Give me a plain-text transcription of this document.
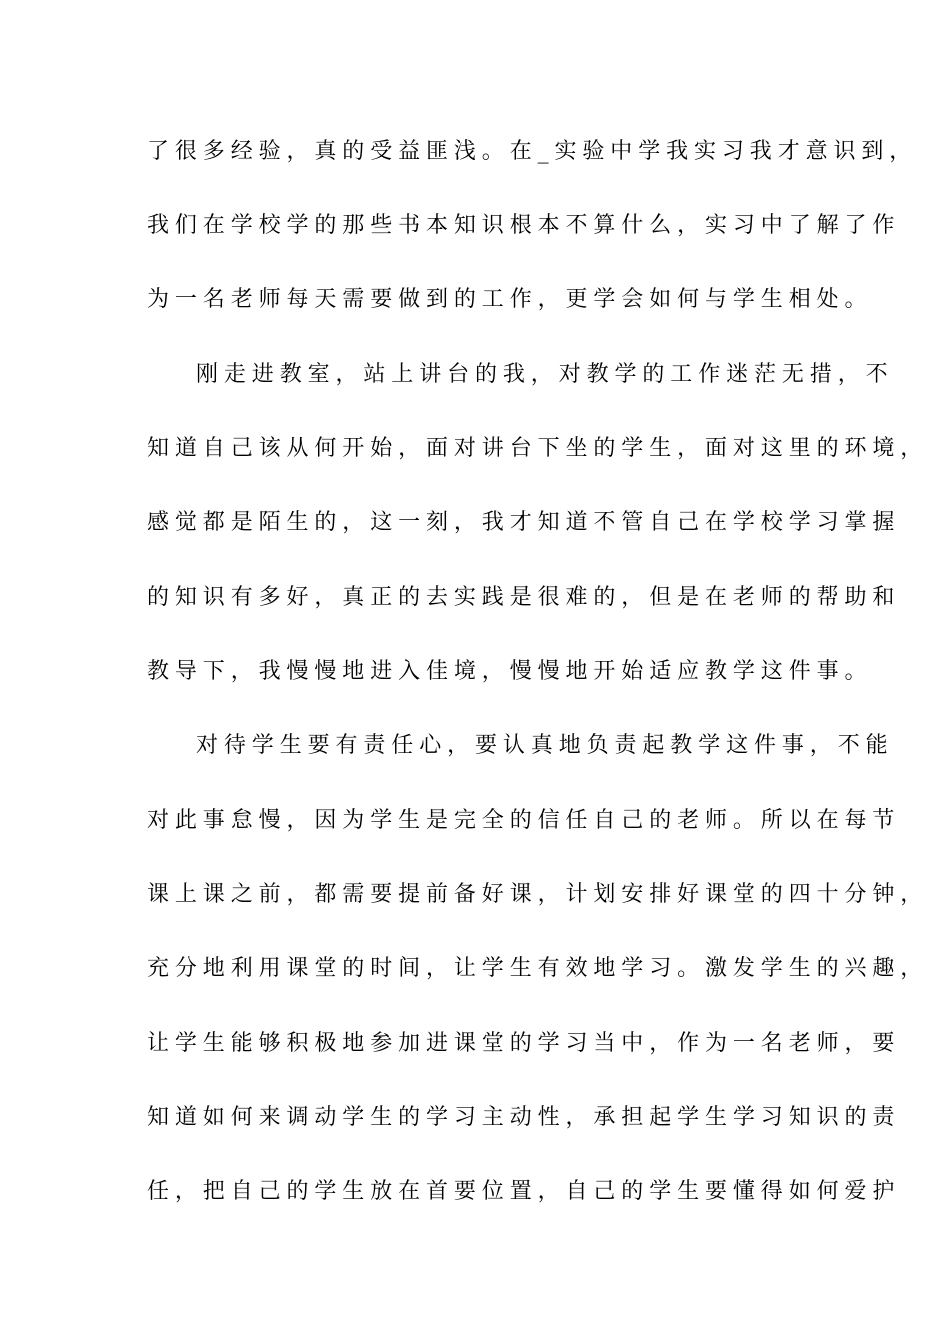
了很多经验，真的受益匪浅。在_实验中学我实习我才意识到，
我们在学校学的那些书本知识根本不算什么，实习中了解了作
为一名老师每天需要做到的工作，更学会如何与学生相处。
刚走进教室，站上讲台的我，对教学的工作迷茫无措，不
知道自己该从何开始，面对讲台下坐的学生，面对这里的环境，
感觉都是陌生的，这一刻，我才知道不管自己在学校学习掌握
的知识有多好，真正的去实践是很难的，但是在老师的帮助和
教导下，我慢慢地进入佳境，慢慢地开始适应教学这件事。
对待学生要有责任心，要认真地负责起教学这件事，不能
对此事怠慢，因为学生是完全的信任自己的老师。所以在每节
课上课之前，都需要提前备好课，计划安排好课堂的四十分钟，
充分地利用课堂的时间，让学生有效地学习。激发学生的兴趣，
让学生能够积极地参加进课堂的学习当中，作为一名老师，要
知道如何来调动学生的学习主动性，承担起学生学习知识的责
任，把自己的学生放在首要位置，自己的学生要懂得如何爱护
